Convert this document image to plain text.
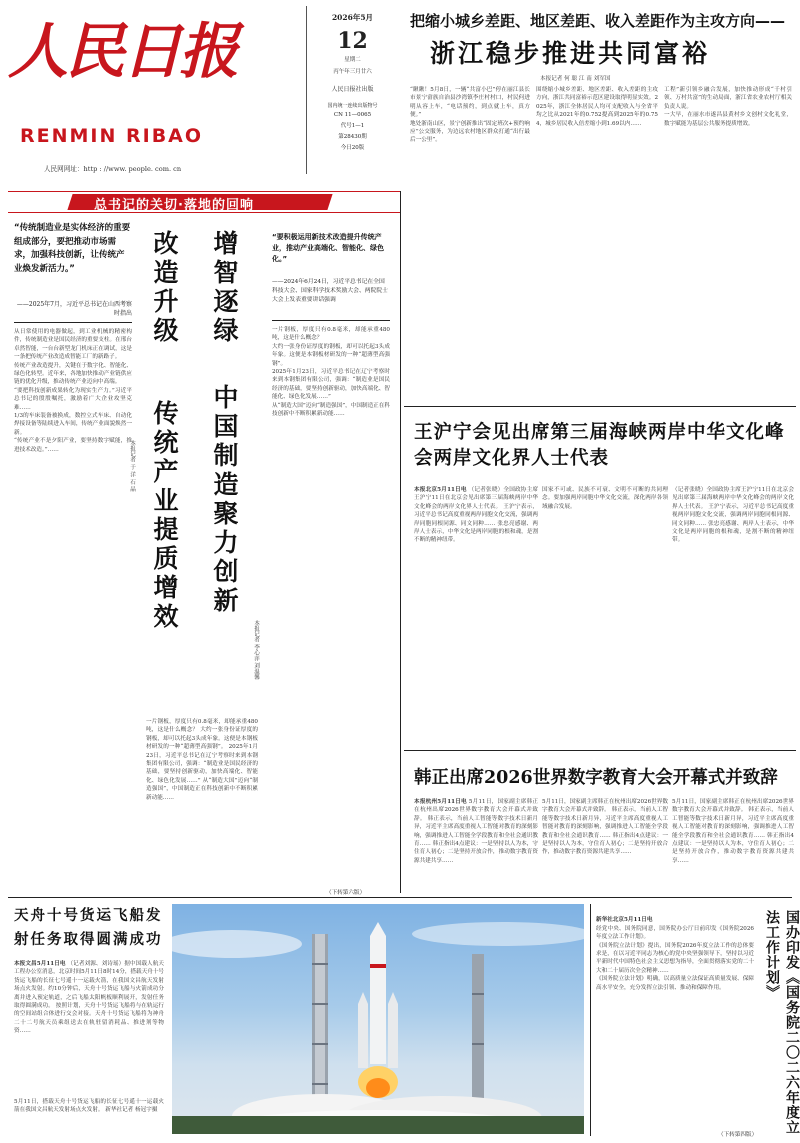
人民日报
RENMIN RIBAO
人民网网址：http : //www. people. com. cn
2026年5月
12
星期二
丙午年三月廿六
人民日报社出版
国内统一连续出版物号
CN 11—0065
代号1—1
第28430期
今日20版
把缩小城乡差距、地区差距、收入差距作为主攻方向——
浙江稳步推进共同富裕
本报记者 何 聪 江 南 刘军国
“瞅瞅！5月8日，一辆“共富小巴”停在丽江县长市景宁畲族自治县沙湾镇李庄村村口，村民何进明从容上车，“电话预约，到点就上车，真方便。”
地处浙南山区，景宁创新推出“固定班次+预约响应”公交服务，为边远农村地区群众打通“出行最后一公里”。
围绕缩小城乡差距、地区差距、收入差距的主攻方向，浙江共同富裕示范区建设取得明显实效。2025年，浙江全体居民人均可支配收入与全省平均之比从2021年的0.752提高到2025年的0.754，城乡居民收入倍差缩小到1.69以内……
工程”新引领乡融合发展，加快推动形成“千村引领、万村共富”的生动局面，浙江省农业农村厅相关负责人说。
一大早，在丽水市遂昌县黄村乡文创村文化礼堂，数字赋能为基层公共服务提质增效。
总书记的关切·落地的回响
“传统制造业是实体经济的重要组成部分，要把推动市场需求，加强科技创新，让传统产业焕发新活力。”
——2025年7月，习近平总书记在山西考察时指出 改造升级
传统产业提质增效
本报记者 于 洋 石 晶
增智逐绿
中国制造聚力创新
本报记者 李心萍 刘温馨
“要积极运用新技术改造提升传统产业，推动产业高端化、智能化、绿色化。”
——2024年6月24日，习近平总书记在全国科技大会、国家科学技术奖励大会、两院院士大会上发表重要讲话强调
从日常使用的电器做起，到工业机械的精密构件，传统制造业是国民经济的重要支柱。在邢台卓然智能，一台台新型龙门机床正在调试，这是一条把传统产业改造成智能工厂的新路子。
传统产业改造提升，关键在于数字化、智能化、绿色化转型。近年来，各地加快推动产业链供应链的优化升级，推动传统产业迈向中高端。
“要把科技创新成果转化为现实生产力。”习近平总书记的殷殷嘱托，激励着广大企业攻坚克难……
1/3的车床装备被换成，数控立式车床、自动化焊接设备等陆续进入车间，传统产业面貌焕然一新。
“传统产业不是夕阳产业，要坚持数字赋能，推进技术改造。”……
一片钢板，厚度只有0.8毫米，却能承重480吨，这是什么概念？
大约一张身份证厚度的钢板，却可以托起3头成年象。这便是本钢板材研发的一种“超薄型高强钢”。
2025年1月23日，习近平总书记在辽宁考察时来到本钢集团有限公司，强调：“制造业是国民经济的基础，要坚持创新驱动，加快高端化、智能化、绿色化发展……”
从“制造大国”迈向“制造强国”，中国制造正在科技创新中不断积累新动能……
一片钢板，厚度只有0.8毫米，却能承重480吨，这是什么概念？ 大约一张身份证厚度的钢板，却可以托起3头成年象。这便是本钢板材研发的一种“超薄型高强钢”。 2025年1月23日，习近平总书记在辽宁考察时来到本钢集团有限公司，强调：“制造业是国民经济的基础，要坚持创新驱动，加快高端化、智能化、绿色化发展……” 从“制造大国”迈向“制造强国”，中国制造正在科技创新中不断积累新动能……
（下转第六版）
王沪宁会见出席第三届海峡两岸中华文化峰会两岸文化界人士代表
本报北京5月11日电 （记者张晓）全国政协主席王沪宁11日在北京会见出席第三届海峡两岸中华文化峰会的两岸文化界人士代表。 王沪宁表示，习近平总书记高度重视两岸同胞文化交流，强调两岸同胞同根同源、同文同种…… 张忠亮感谢、两岸人士表示，中华文化是两岸同胞的根和魂，是割不断的精神纽带。
国家不可或、民族不可衰、文明不可断的共同理念。要加强两岸同胞中华文化交流，深化两岸各领域融合发展。
（记者张晓）全国政协主席王沪宁11日在北京会见出席第三届海峡两岸中华文化峰会的两岸文化界人士代表。 王沪宁表示，习近平总书记高度重视两岸同胞文化交流，强调两岸同胞同根同源、同文同种…… 张忠亮感谢、两岸人士表示，中华文化是两岸同胞的根和魂，是割不断的精神纽带。
韩正出席2026世界数字教育大会开幕式并致辞
本报杭州5月11日电 5月11日，国家副主席韩正在杭州出席2026世界数字教育大会开幕式并致辞。 韩正表示，当前人工智能等数字技术日新月异，习近平主席高度重视人工智能对教育的深刻影响，强调推进人工智能全学段教育和全社会通识教育…… 韩正指出4点建议：一是坚持以人为本，守住育人初心；二是坚持开放合作，推动数字教育资源共建共享……
5月11日，国家副主席韩正在杭州出席2026世界数字教育大会开幕式并致辞。 韩正表示，当前人工智能等数字技术日新月异，习近平主席高度重视人工智能对教育的深刻影响，强调推进人工智能全学段教育和全社会通识教育…… 韩正指出4点建议：一是坚持以人为本，守住育人初心；二是坚持开放合作，推动数字教育资源共建共享……
5月11日，国家副主席韩正在杭州出席2026世界数字教育大会开幕式并致辞。 韩正表示，当前人工智能等数字技术日新月异，习近平主席高度重视人工智能对教育的深刻影响，强调推进人工智能全学段教育和全社会通识教育…… 韩正指出4点建议：一是坚持以人为本，守住育人初心；二是坚持开放合作，推动数字教育资源共建共享……
天舟十号货运飞船发射任务取得圆满成功
本报文昌5月11日电 （记者刘源、刘诗瑶）据中国载人航天工程办公室消息，北京时间5月11日8时14分，搭载天舟十号货运飞船的长征七号遥十一运载火箭，在我国文昌航天发射场点火发射。约10分钟后，天舟十号货运飞船与火箭成功分离并进入预定轨道，之后飞船太阳帆板顺利展开，发射任务取得圆满成功。 按照计划，天舟十号货运飞船将与在轨运行的空间站组合体进行交会对接。天舟十号货运飞船将为神舟二十二号航天员乘组送去在轨驻留消耗品、推进剂等物资……
5月11日，搭载天舟十号货运飞船的长征七号遥十一运载火箭在我国文昌航天发射场点火发射。 新华社记者 杨冠宇摄

新华社北京5月11日电
经党中央、国务院同意，国务院办公厅日前印发《国务院2026年度立法工作计划》。
《国务院立法计划》提出，国务院2026年度立法工作的总体要求是，在以习近平同志为核心的党中央坚强领导下，坚持以习近平新时代中国特色社会主义思想为指导，全面贯彻落实党的二十大和二十届历次全会精神……
《国务院立法计划》明确，以高质量立法保证高质量发展、保障高水平安全，充分发挥立法引领、推动和保障作用。

（下转第四版）	国办印发《国务院二〇二六年度立法工作计划》
